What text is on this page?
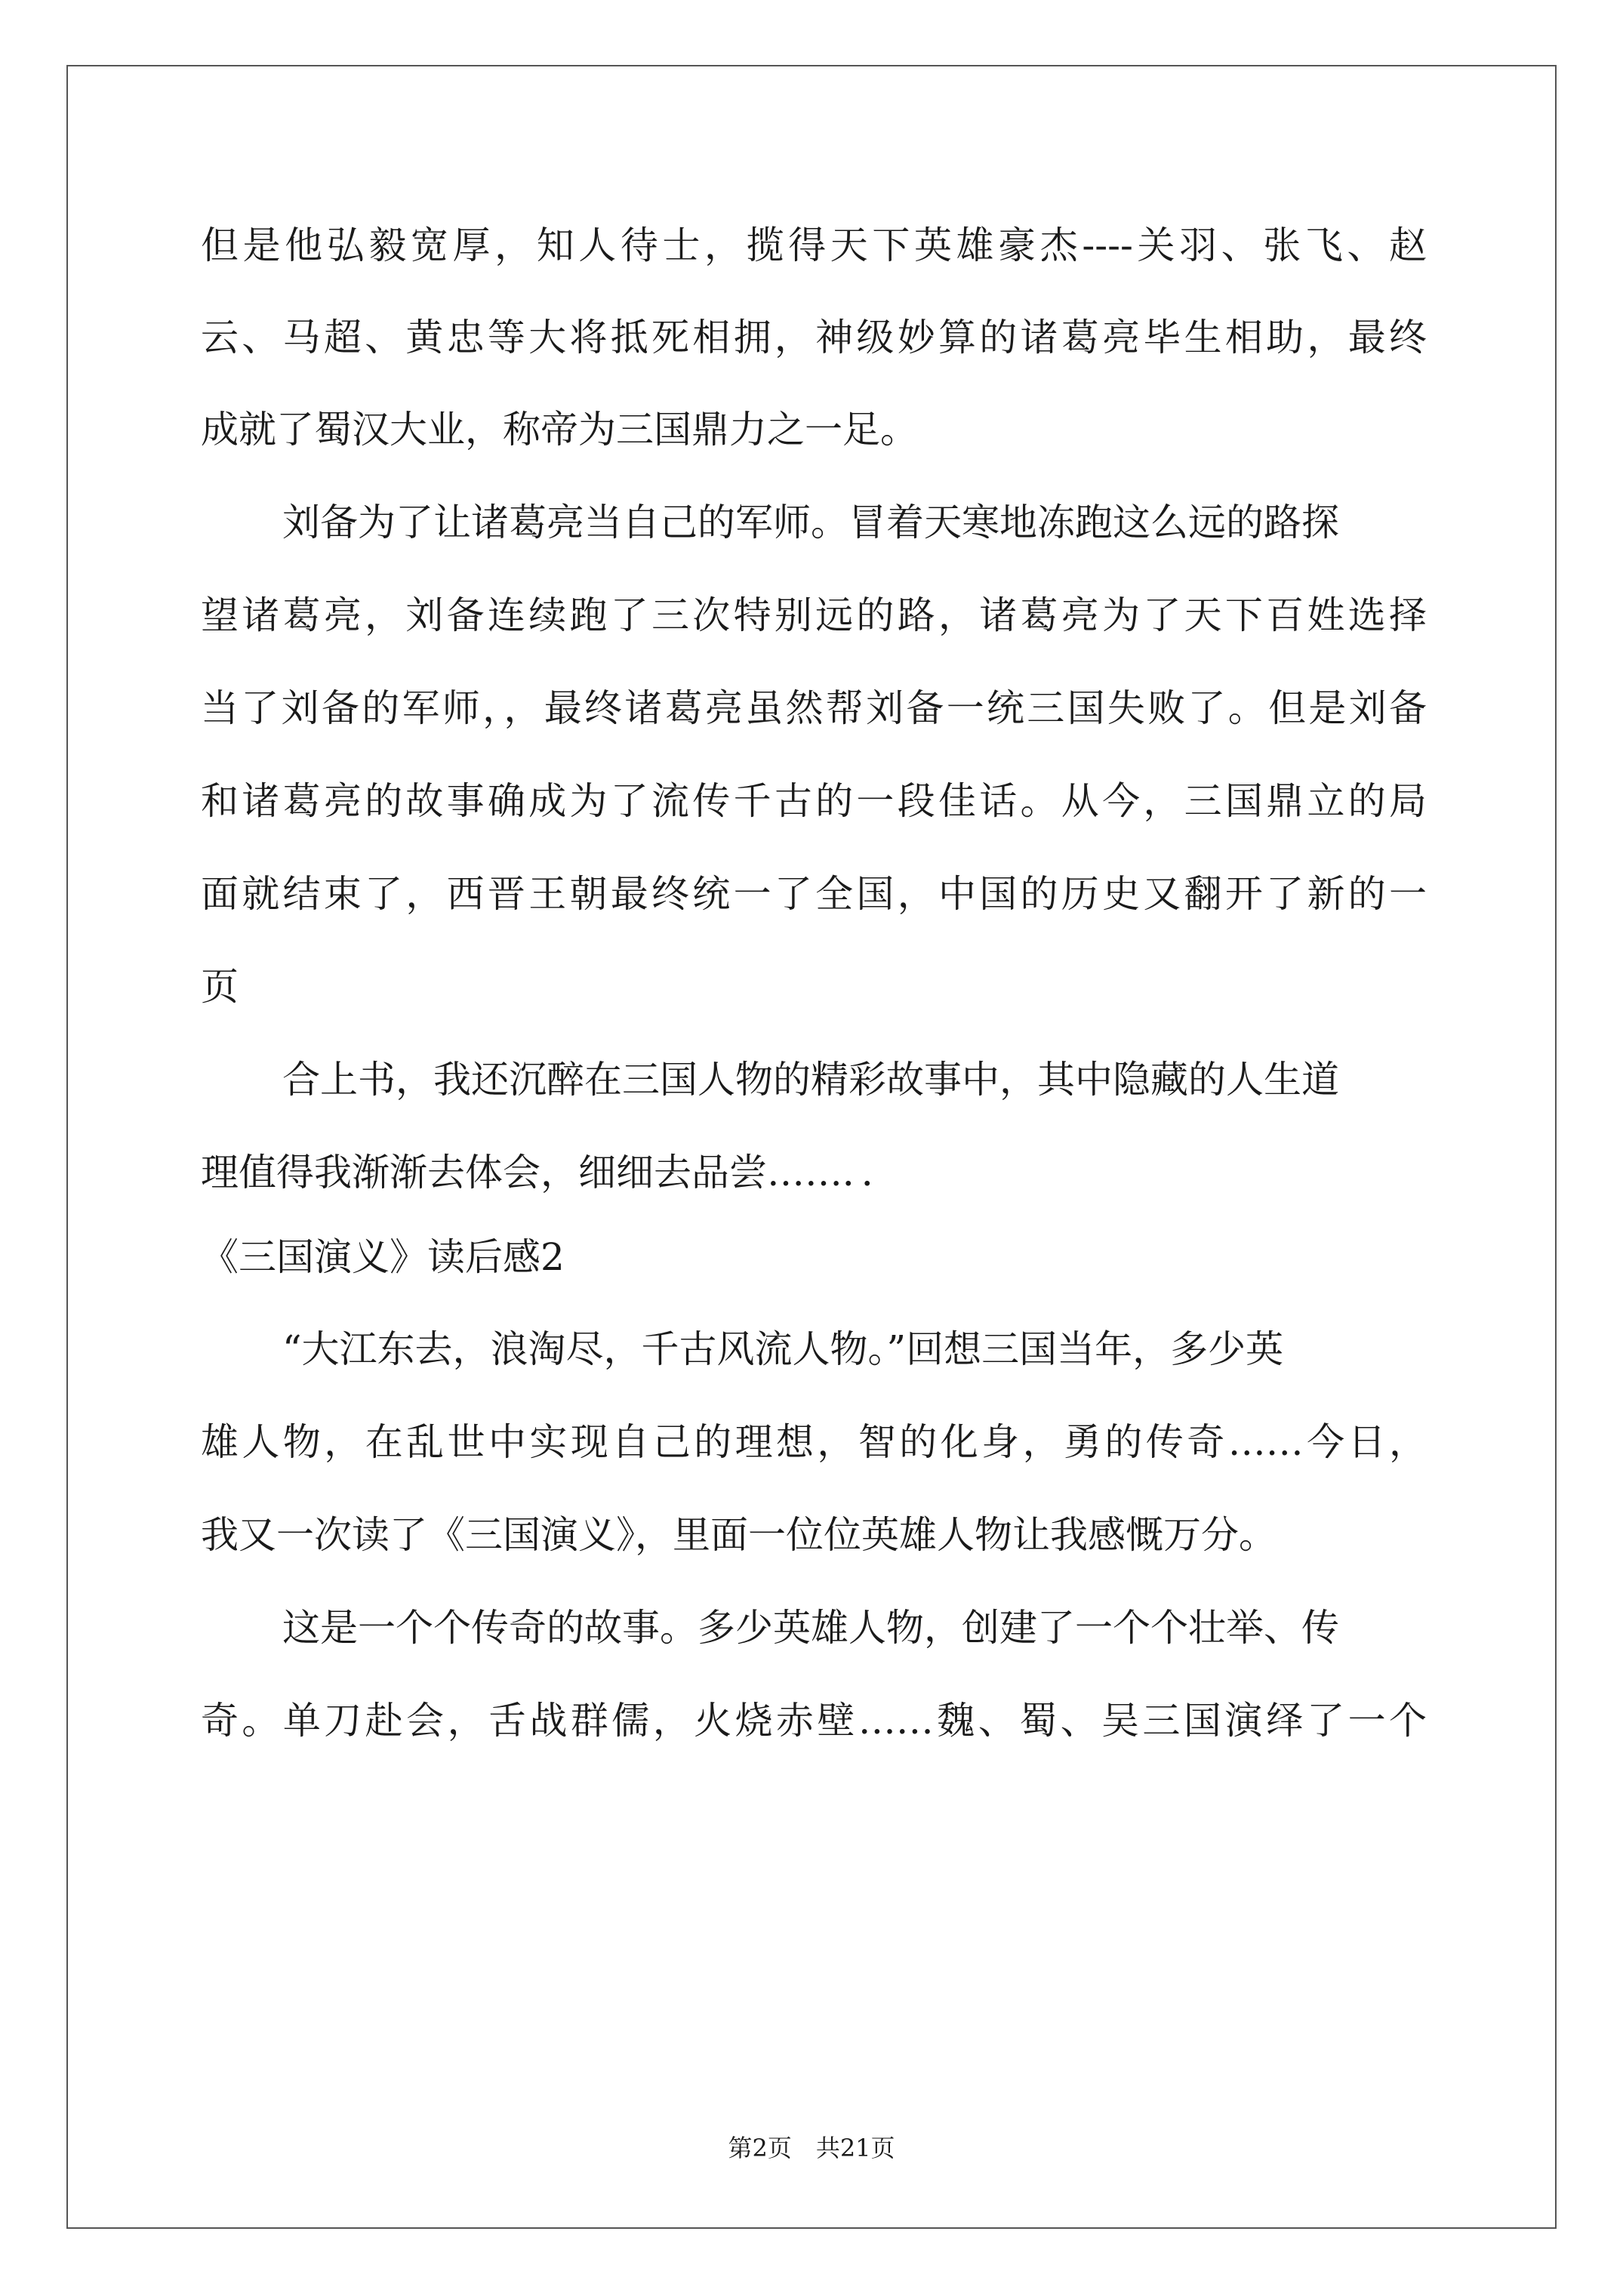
但是他弘毅宽厚，知人待士，揽得天下英雄豪杰----关羽、张飞、赵
云、马超、黄忠等大将抵死相拥，神级妙算的诸葛亮毕生相助，最终
成就了蜀汉大业，称帝为三国鼎力之一足。
刘备为了让诸葛亮当自己的军师。冒着天寒地冻跑这么远的路探
望诸葛亮，刘备连续跑了三次特别远的路，诸葛亮为了天下百姓选择
当了刘备的军师，，最终诸葛亮虽然帮刘备一统三国失败了。但是刘备
和诸葛亮的故事确成为了流传千古的一段佳话。从今，三国鼎立的局
面就结束了，西晋王朝最终统一了全国，中国的历史又翻开了新的一
页
合上书，我还沉醉在三国人物的精彩故事中，其中隐藏的人生道
理值得我渐渐去体会，细细去品尝……．．
《三国演义》读后感2
“大江东去，浪淘尽，千古风流人物。”回想三国当年，多少英
雄人物，在乱世中实现自己的理想，智的化身，勇的传奇……今日，
我又一次读了《三国演义》，里面一位位英雄人物让我感慨万分。
这是一个个传奇的故事。多少英雄人物，创建了一个个壮举、传
奇。单刀赴会，舌战群儒，火烧赤壁……魏、蜀、吴三国演绎了一个
第2页　共21页
